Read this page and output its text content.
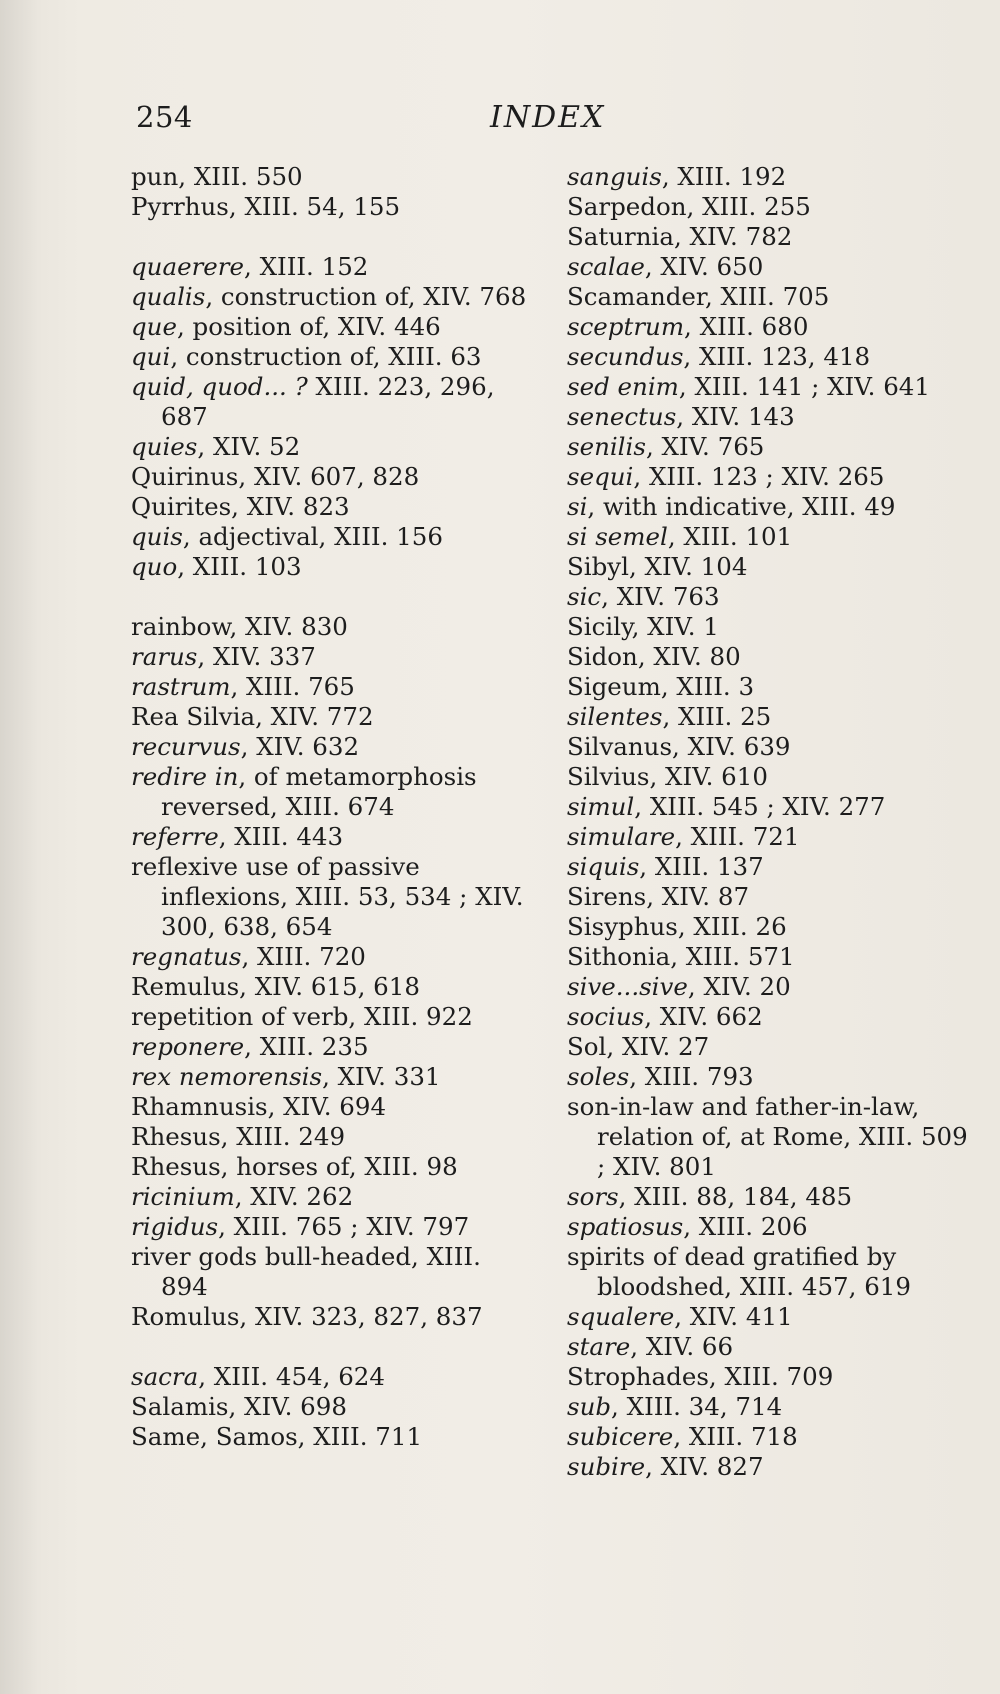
254	INDEX
pun, XIII. 550
Pyrrhus, XIII. 54, 155
quaerere, XIII. 152
qualis, construction of, XIV. 768
que, position of, XIV. 446
qui, construction of, XIII. 63
quid, quod... ? XIII. 223, 296, 687
quies, XIV. 52
Quirinus, XIV. 607, 828
Quirites, XIV. 823
quis, adjectival, XIII. 156
quo, XIII. 103
rainbow, XIV. 830
rarus, XIV. 337
rastrum, XIII. 765
Rea Silvia, XIV. 772
recurvus, XIV. 632
redire in, of metamorphosis reversed, XIII. 674
referre, XIII. 443
reflexive use of passive inflexions, XIII. 53, 534 ; XIV. 300, 638, 654
regnatus, XIII. 720
Remulus, XIV. 615, 618
repetition of verb, XIII. 922
reponere, XIII. 235
rex nemorensis, XIV. 331
Rhamnusis, XIV. 694
Rhesus, XIII. 249
Rhesus, horses of, XIII. 98
ricinium, XIV. 262
rigidus, XIII. 765 ; XIV. 797
river gods bull-headed, XIII. 894
Romulus, XIV. 323, 827, 837
sacra, XIII. 454, 624
Salamis, XIV. 698
Same, Samos, XIII. 711
sanguis, XIII. 192
Sarpedon, XIII. 255
Saturnia, XIV. 782
scalae, XIV. 650
Scamander, XIII. 705
sceptrum, XIII. 680
secundus, XIII. 123, 418
sed enim, XIII. 141 ; XIV. 641
senectus, XIV. 143
senilis, XIV. 765
sequi, XIII. 123 ; XIV. 265
si, with indicative, XIII. 49
si semel, XIII. 101
Sibyl, XIV. 104
sic, XIV. 763
Sicily, XIV. 1
Sidon, XIV. 80
Sigeum, XIII. 3
silentes, XIII. 25
Silvanus, XIV. 639
Silvius, XIV. 610
simul, XIII. 545 ; XIV. 277
simulare, XIII. 721
siquis, XIII. 137
Sirens, XIV. 87
Sisyphus, XIII. 26
Sithonia, XIII. 571
sive...sive, XIV. 20
socius, XIV. 662
Sol, XIV. 27
soles, XIII. 793
son-in-law and father-in-law, relation of, at Rome, XIII. 509 ; XIV. 801
sors, XIII. 88, 184, 485
spatiosus, XIII. 206
spirits of dead gratified by bloodshed, XIII. 457, 619
squalere, XIV. 411
stare, XIV. 66
Strophades, XIII. 709
sub, XIII. 34, 714
subicere, XIII. 718
subire, XIV. 827
